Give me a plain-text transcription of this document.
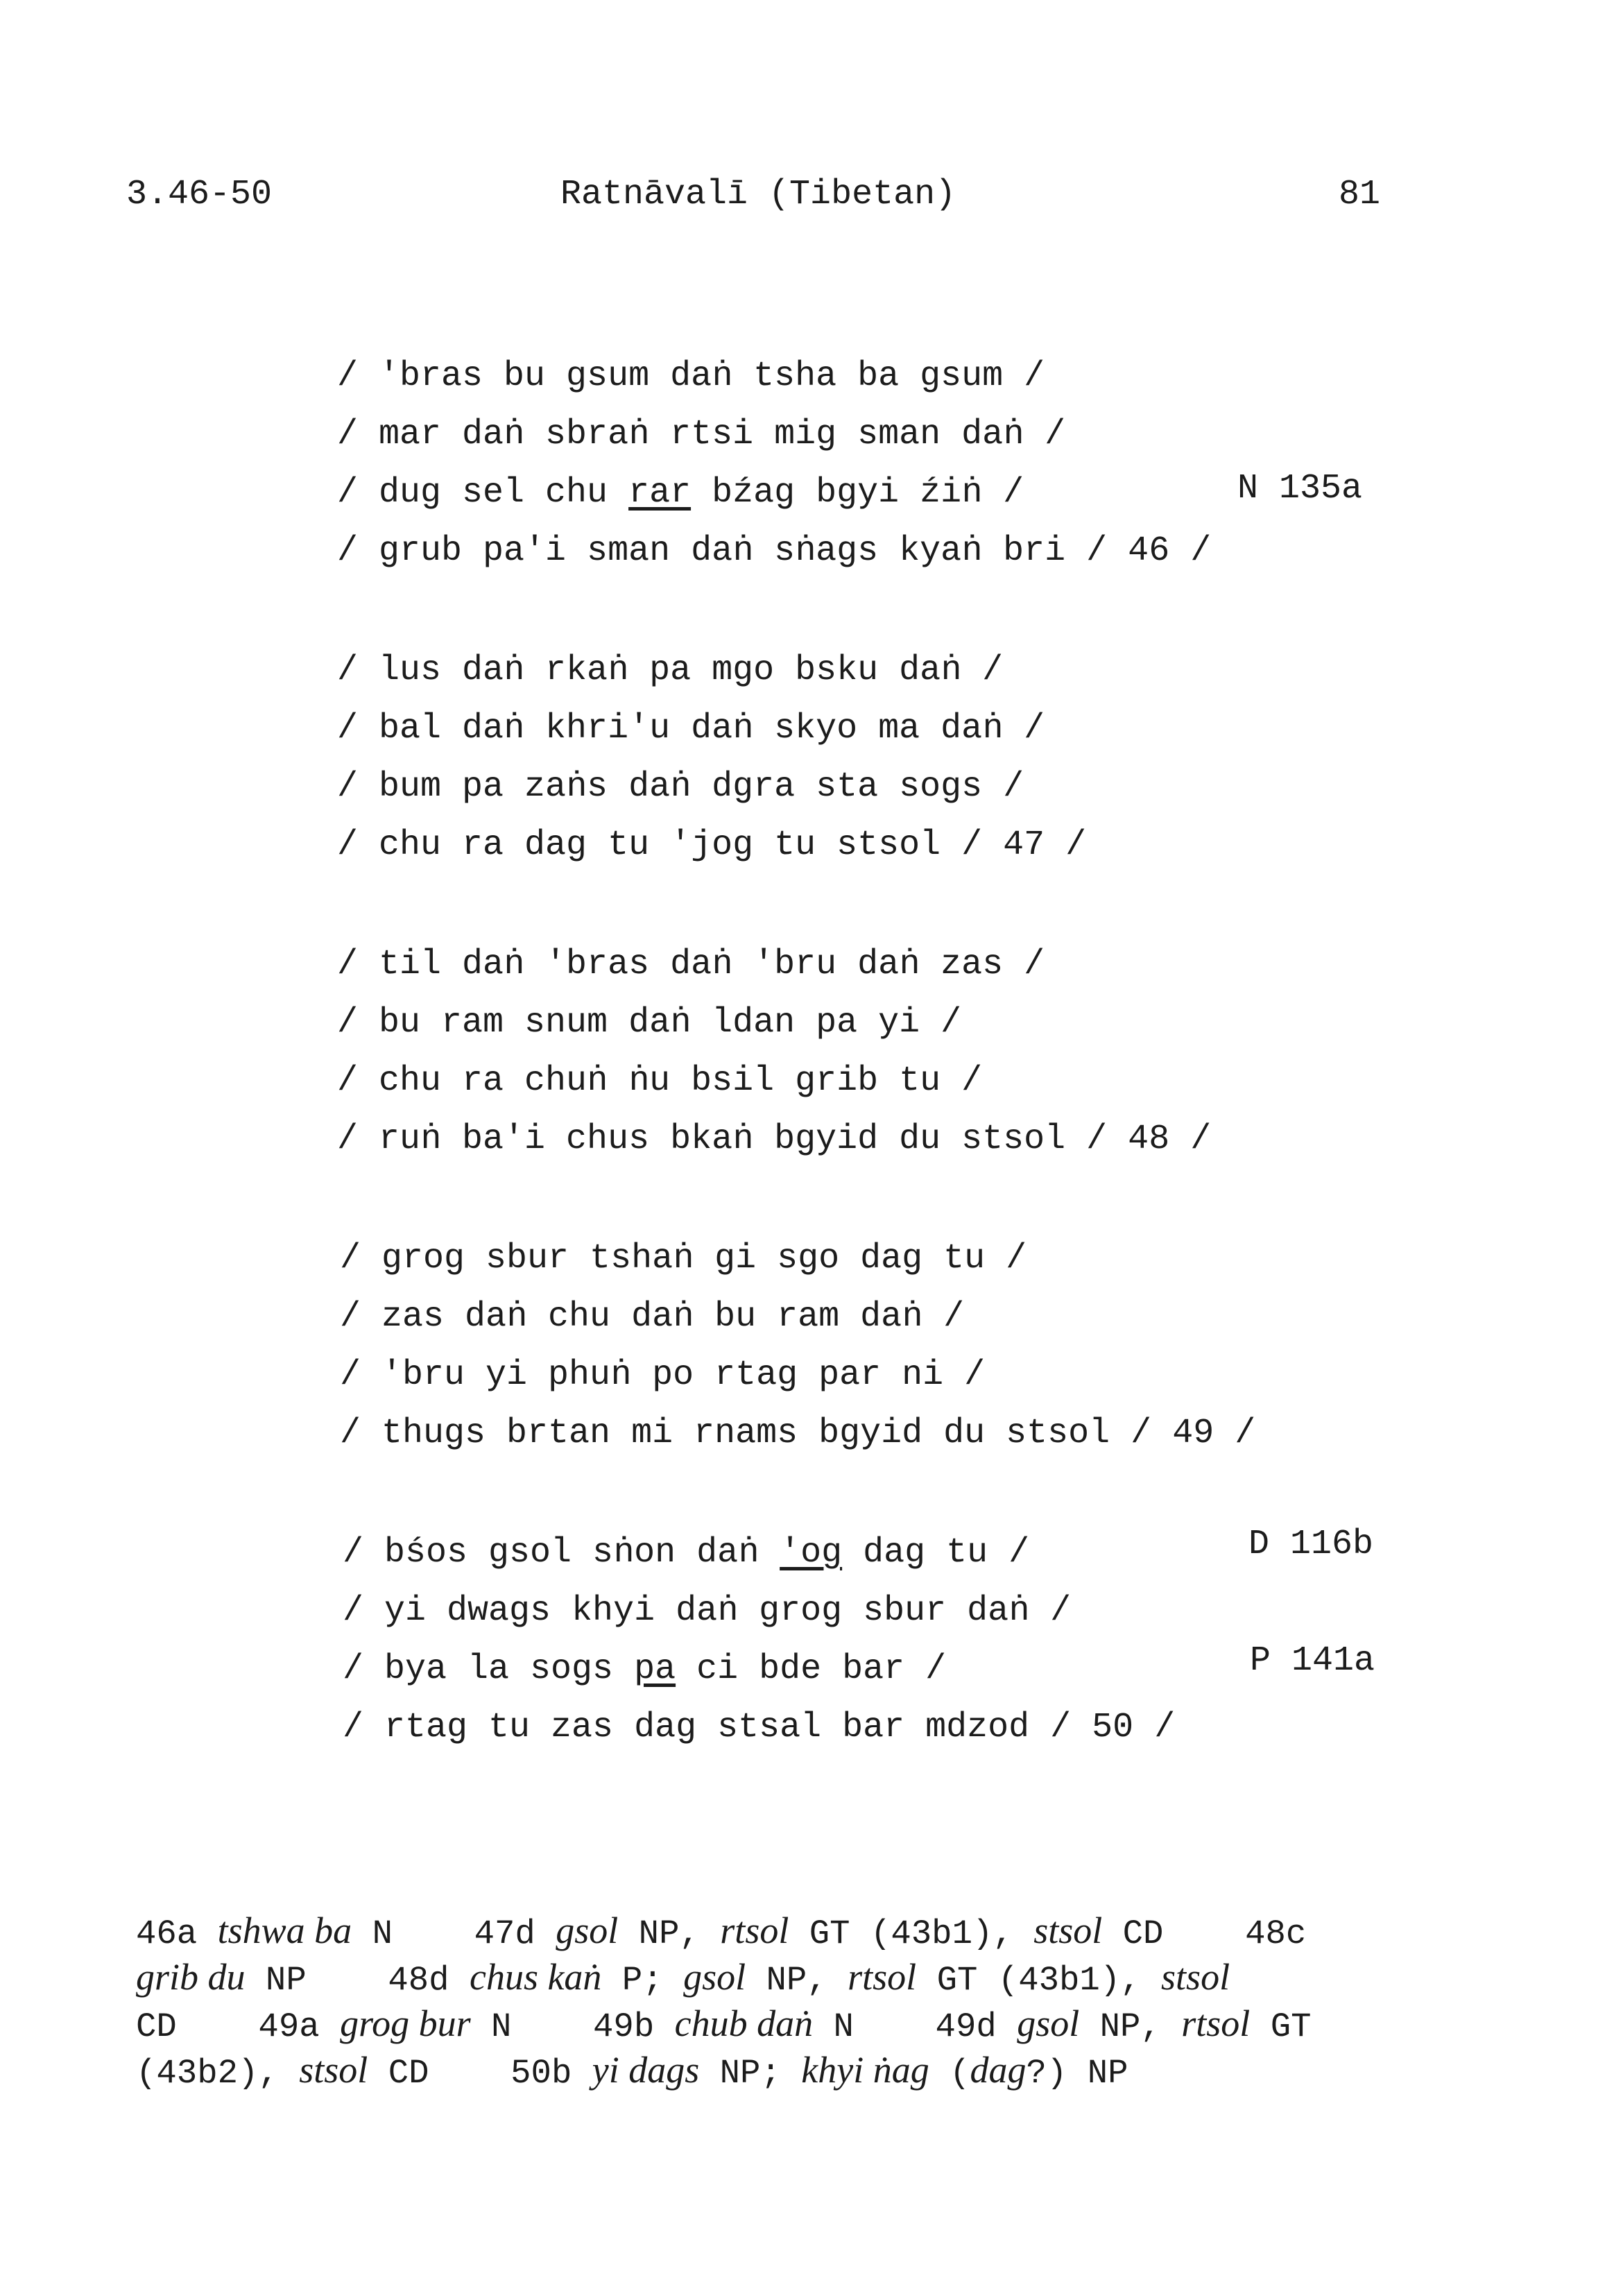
3.46-50	Ratnāvalī (Tibetan)	81
/ 'bras bu gsum daṅ tsha ba gsum /
/ mar daṅ sbraṅ rtsi mig sman daṅ /
/ dug sel chu rar bźag bgyi źiṅ /
/ grub pa'i sman daṅ sṅags kyaṅ bri / 46 /
/ lus daṅ rkaṅ pa mgo bsku daṅ /
/ bal daṅ khri'u daṅ skyo ma daṅ /
/ bum pa zaṅs daṅ dgra sta sogs /
/ chu ra dag tu 'jog tu stsol / 47 /
/ til daṅ 'bras daṅ 'bru daṅ zas /
/ bu ram snum daṅ ldan pa yi /
/ chu ra chuṅ ṅu bsil grib tu /
/ ruṅ ba'i chus bkaṅ bgyid du stsol / 48 /
/ grog sbur tshaṅ gi sgo dag tu /
/ zas daṅ chu daṅ bu ram daṅ /
/ 'bru yi phuṅ po rtag par ni /
/ thugs brtan mi rnams bgyid du stsol / 49 /
/ bśos gsol sṅon daṅ 'og dag tu /
/ yi dwags khyi daṅ grog sbur daṅ /
/ bya la sogs pa ci bde bar /
/ rtag tu zas dag stsal bar mdzod / 50 /
N 135a
D 116b
P 141a
46a tshwa ba N    47d gsol NP, rtsol GT (43b1), stsol CD    48c
grib du NP    48d chus kaṅ P; gsol NP, rtsol GT (43b1), stsol
CD    49a grog bur N    49b chub daṅ N    49d gsol NP, rtsol GT
(43b2), stsol CD    50b yi dags NP; khyi ṅag (dag?) NP
